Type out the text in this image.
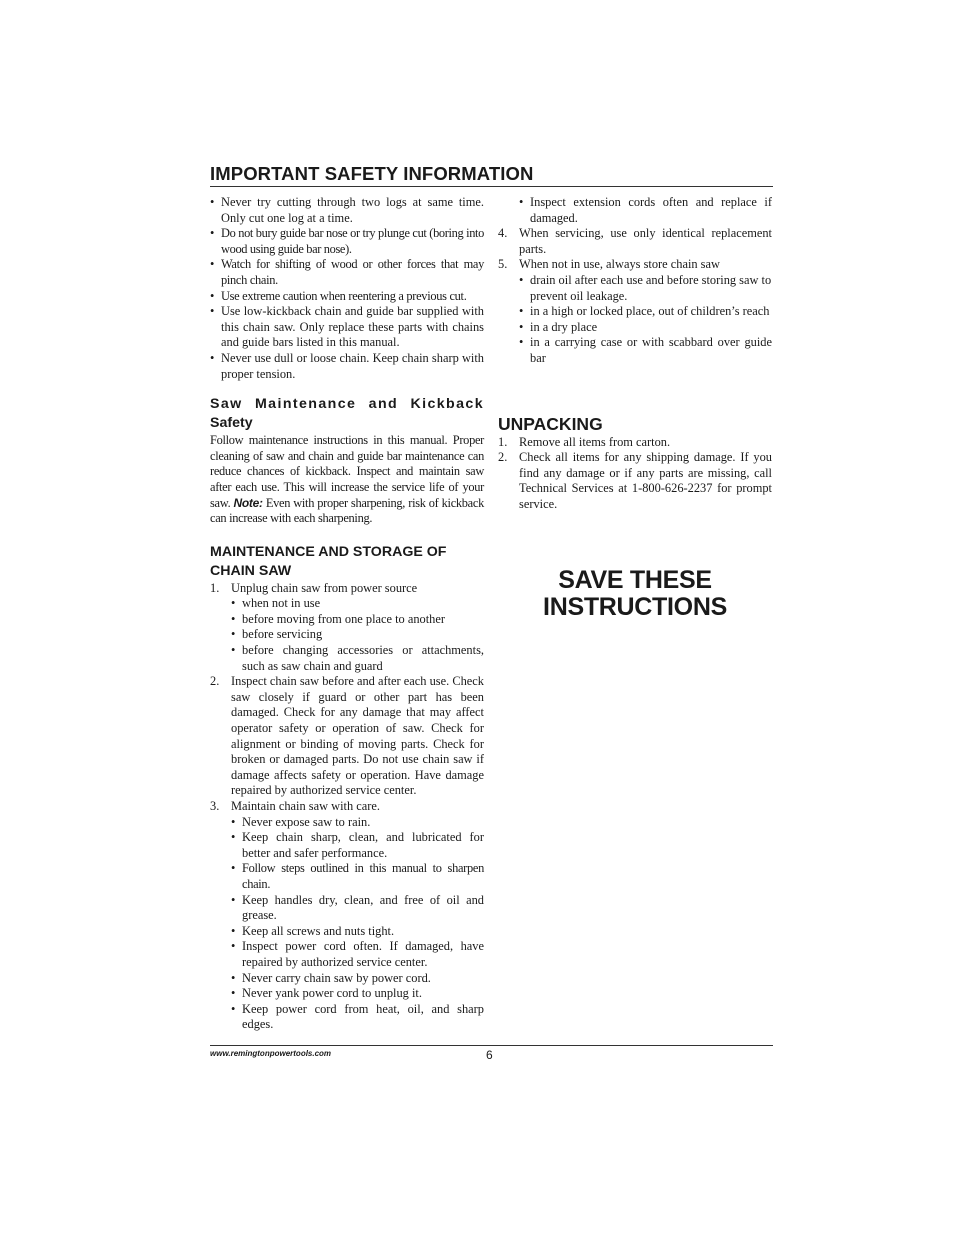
IMPORTANT SAFETY INFORMATION
• Never try cutting through two logs at same time. Only cut one log at a time.
• Do not bury guide bar nose or try plunge cut (boring into wood using guide bar nose).
• Watch for shifting of wood or other forces that may pinch chain.
• Use extreme caution when reentering a previous cut.
• Use low-kickback chain and guide bar supplied with this chain saw. Only replace these parts with chains and guide bars listed in this manual.
• Never use dull or loose chain. Keep chain sharp with proper tension.
Saw Maintenance and Kickback
Safety

Follow maintenance instructions in this manual. Proper cleaning of saw and chain and guide bar maintenance can reduce chances of kickback. Inspect and maintain saw after each use. This will increase the service life of your saw. Note: Even with proper sharpening, risk of kickback can increase with each sharpening.

MAINTENANCE AND STORAGE OF
CHAIN SAW
1. Unplug chain saw from power source
• when not in use
• before moving from one place to another
• before servicing
• before changing accessories or attachments, such as saw chain and guard
2. Inspect chain saw before and after each use. Check saw closely if guard or other part has been damaged. Check for any damage that may affect operator safety or operation of saw. Check for alignment or binding of moving parts. Check for broken or damaged parts. Do not use chain saw if damage affects safety or operation. Have damage repaired by authorized service center.
3. Maintain chain saw with care.
• Never expose saw to rain.
• Keep chain sharp, clean, and lubricated for better and safer performance.
• Follow steps outlined in this manual to sharpen chain.
• Keep handles dry, clean, and free of oil and grease.
• Keep all screws and nuts tight.
• Inspect power cord often. If damaged, have repaired by authorized service center.
• Never carry chain saw by power cord.
• Never yank power cord to unplug it.
• Keep power cord from heat, oil, and sharp edges.
• Inspect extension cords often and replace if damaged.
4. When servicing, use only identical replacement parts.
5. When not in use, always store chain saw
• drain oil after each use and before storing saw to prevent oil leakage.
• in a high or locked place, out of children’s reach
• in a dry place
• in a carrying case or with scabbard over guide bar
UNPACKING
1. Remove all items from carton.
2. Check all items for any shipping damage. If you find any damage or if any parts are missing, call Technical Services at 1-800-626-2237 for prompt service.
SAVE THESE
INSTRUCTIONS
www.remingtonpowertools.com	6
